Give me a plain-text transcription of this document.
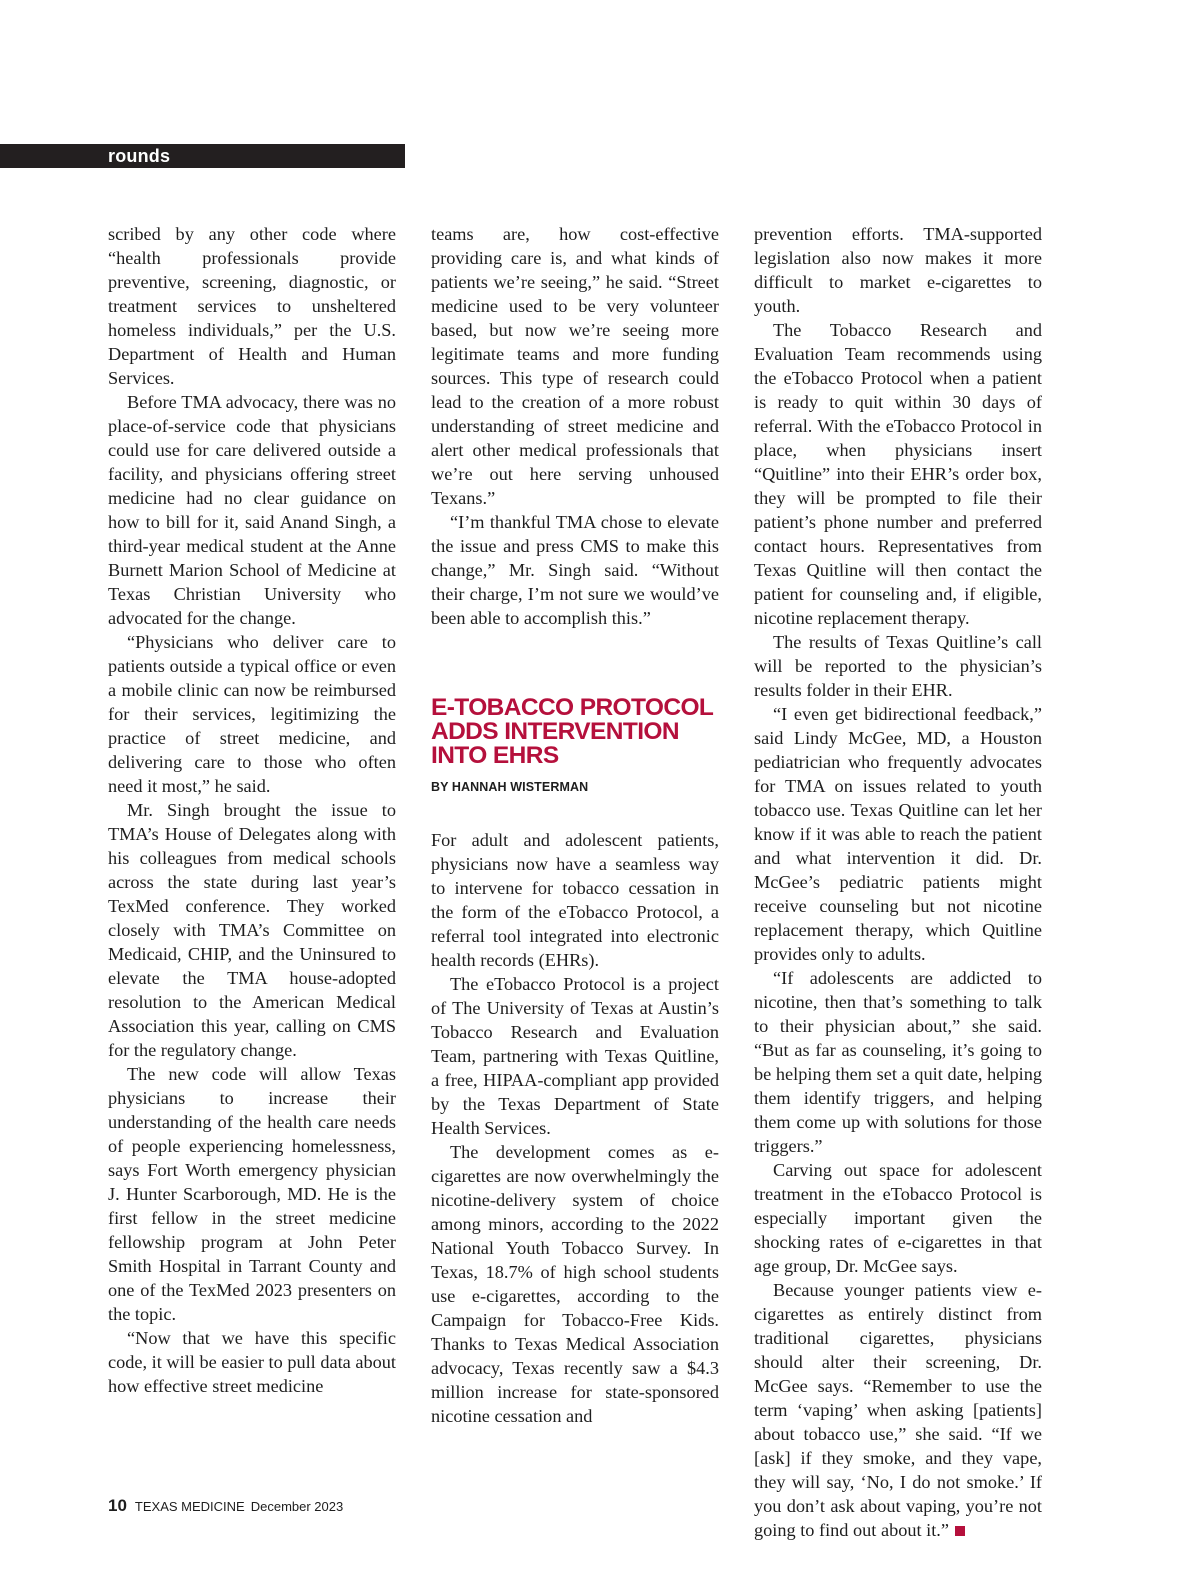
rounds

scribed by any other code where “health professionals provide preventive, screening, diagnostic, or treatment services to unsheltered homeless individuals,” per the U.S. Department of Health and Human Services.

Before TMA advocacy, there was no place-of-service code that physicians could use for care delivered outside a facility, and physicians offering street medicine had no clear guidance on how to bill for it, said Anand Singh, a third-year medical student at the Anne Burnett Marion School of Medicine at Texas Christian University who advocated for the change.

“Physicians who deliver care to patients outside a typical office or even a mobile clinic can now be reimbursed for their services, legitimizing the practice of street medicine, and delivering care to those who often need it most,” he said.

Mr. Singh brought the issue to TMA’s House of Delegates along with his colleagues from medical schools across the state during last year’s TexMed conference. They worked closely with TMA’s Committee on Medicaid, CHIP, and the Uninsured to elevate the TMA house-adopted resolution to the American Medical Association this year, calling on CMS for the regulatory change.

The new code will allow Texas physicians to increase their understanding of the health care needs of people experiencing homelessness, says Fort Worth emergency physician J. Hunter Scarborough, MD. He is the first fellow in the street medicine fellowship program at John Peter Smith Hospital in Tarrant County and one of the TexMed 2023 presenters on the topic.

“Now that we have this specific code, it will be easier to pull data about how effective street medicine

teams are, how cost-effective providing care is, and what kinds of patients we’re seeing,” he said. “Street medicine used to be very volunteer based, but now we’re seeing more legitimate teams and more funding sources. This type of research could lead to the creation of a more robust understanding of street medicine and alert other medical professionals that we’re out here serving unhoused Texans.”

“I’m thankful TMA chose to elevate the issue and press CMS to make this change,” Mr. Singh said. “Without their charge, I’m not sure we would’ve been able to accomplish this.”

E-TOBACCO PROTOCOL ADDS INTERVENTION INTO EHRS
BY HANNAH WISTERMAN

For adult and adolescent patients, physicians now have a seamless way to intervene for tobacco cessation in the form of the eTobacco Protocol, a referral tool integrated into electronic health records (EHRs).

The eTobacco Protocol is a project of The University of Texas at Austin’s Tobacco Research and Evaluation Team, partnering with Texas Quitline, a free, HIPAA-compliant app provided by the Texas Department of State Health Services.

The development comes as e-cigarettes are now overwhelmingly the nicotine-delivery system of choice among minors, according to the 2022 National Youth Tobacco Survey. In Texas, 18.7% of high school students use e-cigarettes, according to the Campaign for Tobacco-Free Kids. Thanks to Texas Medical Association advocacy, Texas recently saw a $4.3 million increase for state-sponsored nicotine cessation and

prevention efforts. TMA-supported legislation also now makes it more difficult to market e-cigarettes to youth.

The Tobacco Research and Evaluation Team recommends using the eTobacco Protocol when a patient is ready to quit within 30 days of referral. With the eTobacco Protocol in place, when physicians insert “Quitline” into their EHR’s order box, they will be prompted to file their patient’s phone number and preferred contact hours. Representatives from Texas Quitline will then contact the patient for counseling and, if eligible, nicotine replacement therapy.

The results of Texas Quitline’s call will be reported to the physician’s results folder in their EHR.

“I even get bidirectional feedback,” said Lindy McGee, MD, a Houston pediatrician who frequently advocates for TMA on issues related to youth tobacco use. Texas Quitline can let her know if it was able to reach the patient and what intervention it did. Dr. McGee’s pediatric patients might receive counseling but not nicotine replacement therapy, which Quitline provides only to adults.

“If adolescents are addicted to nicotine, then that’s something to talk to their physician about,” she said. “But as far as counseling, it’s going to be helping them set a quit date, helping them identify triggers, and helping them come up with solutions for those triggers.”

Carving out space for adolescent treatment in the eTobacco Protocol is especially important given the shocking rates of e-cigarettes in that age group, Dr. McGee says.

Because younger patients view e-cigarettes as entirely distinct from traditional cigarettes, physicians should alter their screening, Dr. McGee says. “Remember to use the term ‘vaping’ when asking [patients] about tobacco use,” she said. “If we [ask] if they smoke, and they vape, they will say, ‘No, I do not smoke.’ If you don’t ask about vaping, you’re not going to find out about it.”

10 TEXAS MEDICINE December 2023
